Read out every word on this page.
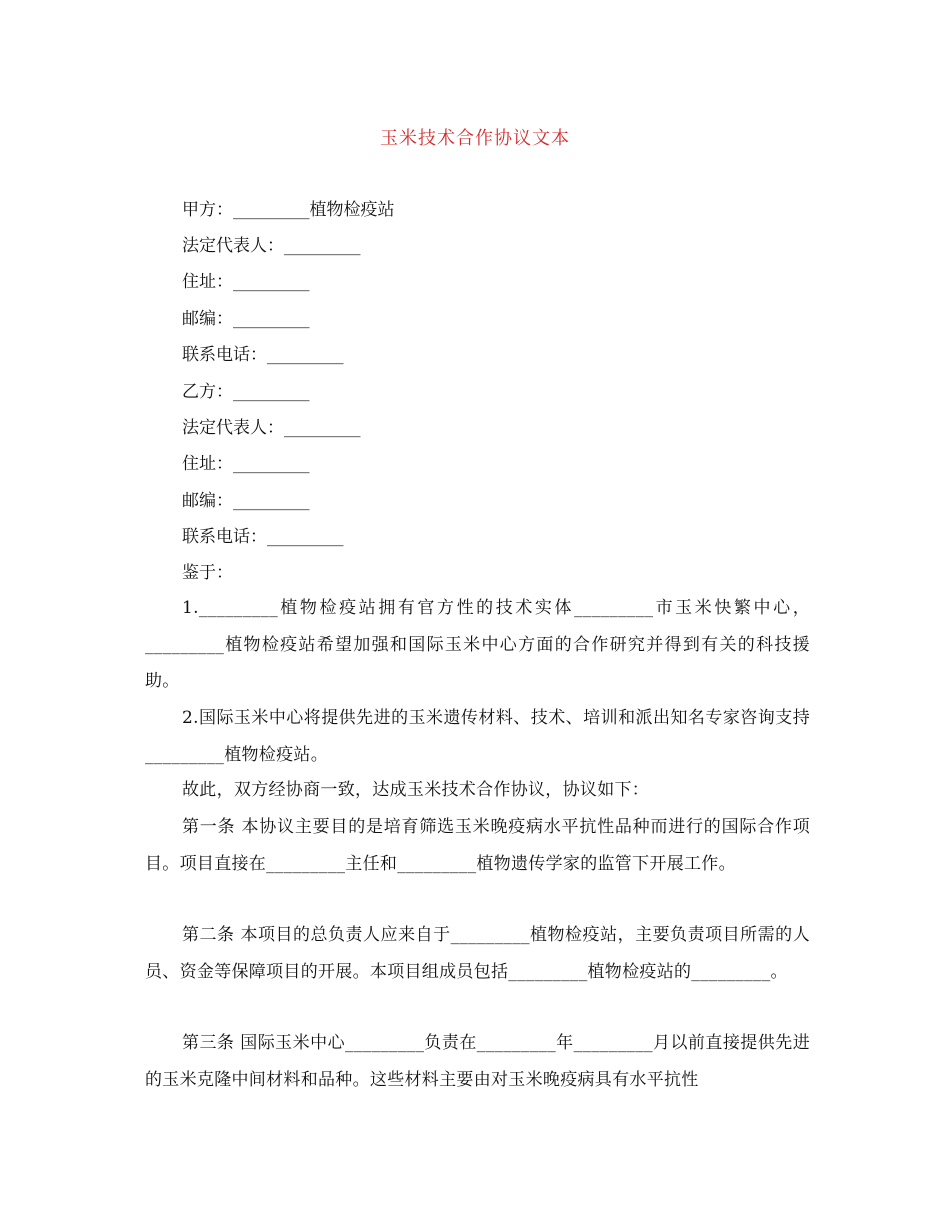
玉米技术合作协议文本
甲方：_________植物检疫站
法定代表人：_________
住址：_________
邮编：_________
联系电话：_________
乙方：_________
法定代表人：_________
住址：_________
邮编：_________
联系电话：_________
鉴于：

1._________植物检疫站拥有官方性的技术实体_________市玉米快繁中心，_________植物检疫站希望加强和国际玉米中心方面的合作研究并得到有关的科技援助。

2.国际玉米中心将提供先进的玉米遗传材料、技术、培训和派出知名专家咨询支持_________植物检疫站。

故此，双方经协商一致，达成玉米技术合作协议，协议如下：

第一条 本协议主要目的是培育筛选玉米晚疫病水平抗性品种而进行的国际合作项目。项目直接在_________主任和_________植物遗传学家的监管下开展工作。

第二条 本项目的总负责人应来自于_________植物检疫站，主要负责项目所需的人员、资金等保障项目的开展。本项目组成员包括_________植物检疫站的_________。

第三条 国际玉米中心_________负责在_________年_________月以前直接提供先进的玉米克隆中间材料和品种。这些材料主要由对玉米晚疫病具有水平抗性
